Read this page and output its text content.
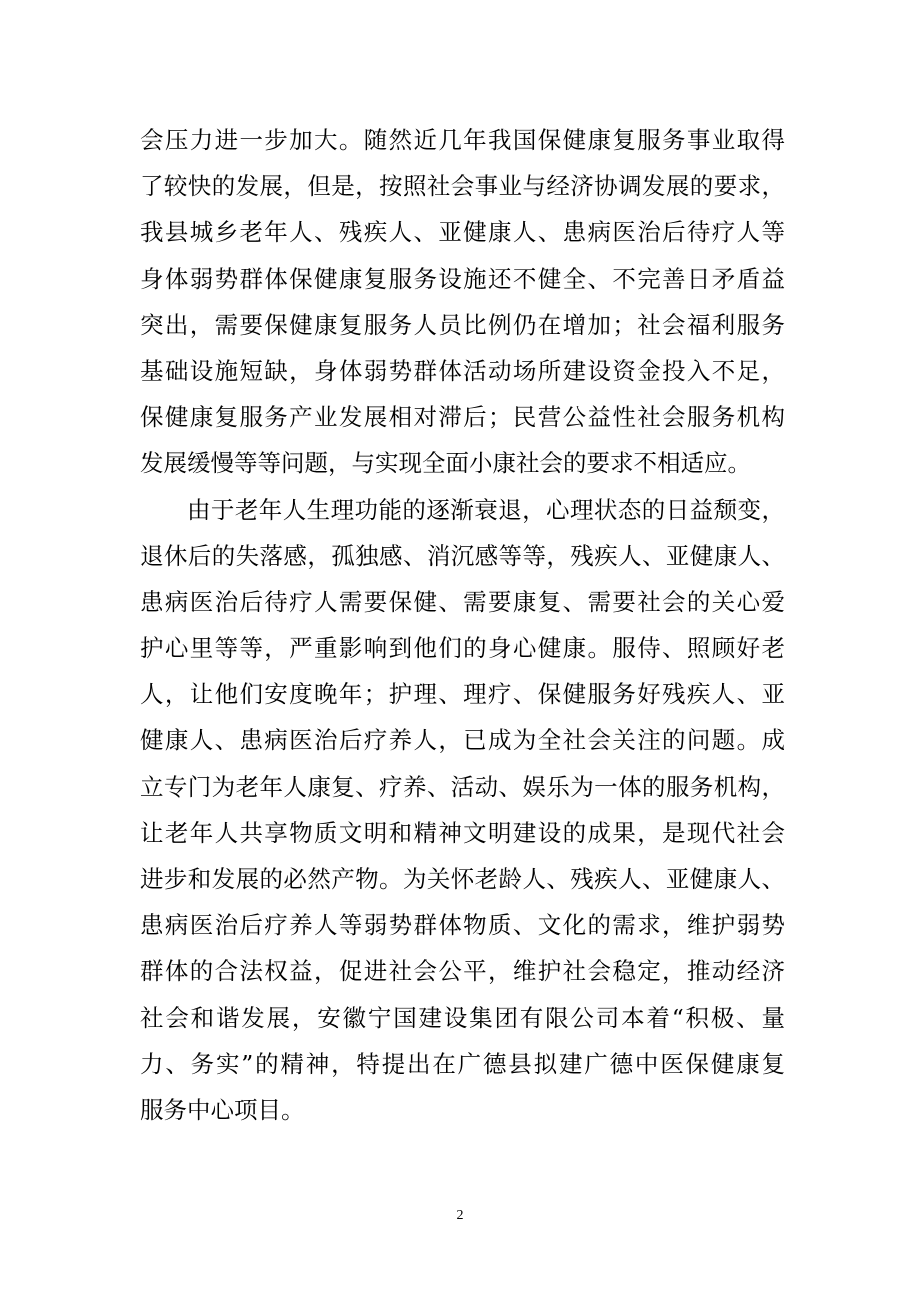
会压力进一步加大。随然近几年我国保健康复服务事业取得
了较快的发展，但是，按照社会事业与经济协调发展的要求，
我县城乡老年人、残疾人、亚健康人、患病医治后待疗人等
身体弱势群体保健康复服务设施还不健全、不完善日矛盾益
突出，需要保健康复服务人员比例仍在增加；社会福利服务
基础设施短缺，身体弱势群体活动场所建设资金投入不足，
保健康复服务产业发展相对滞后；民营公益性社会服务机构
发展缓慢等等问题，与实现全面小康社会的要求不相适应。
由于老年人生理功能的逐渐衰退，心理状态的日益颓变，
退休后的失落感，孤独感、消沉感等等，残疾人、亚健康人、
患病医治后待疗人需要保健、需要康复、需要社会的关心爱
护心里等等，严重影响到他们的身心健康。服侍、照顾好老
人，让他们安度晚年；护理、理疗、保健服务好残疾人、亚
健康人、患病医治后疗养人，已成为全社会关注的问题。成
立专门为老年人康复、疗养、活动、娱乐为一体的服务机构，
让老年人共享物质文明和精神文明建设的成果，是现代社会
进步和发展的必然产物。为关怀老龄人、残疾人、亚健康人、
患病医治后疗养人等弱势群体物质、文化的需求，维护弱势
群体的合法权益，促进社会公平，维护社会稳定，推动经济
社会和谐发展，安徽宁国建设集团有限公司本着“积极、量
力、务实”的精神，特提出在广德县拟建广德中医保健康复
服务中心项目。
2
